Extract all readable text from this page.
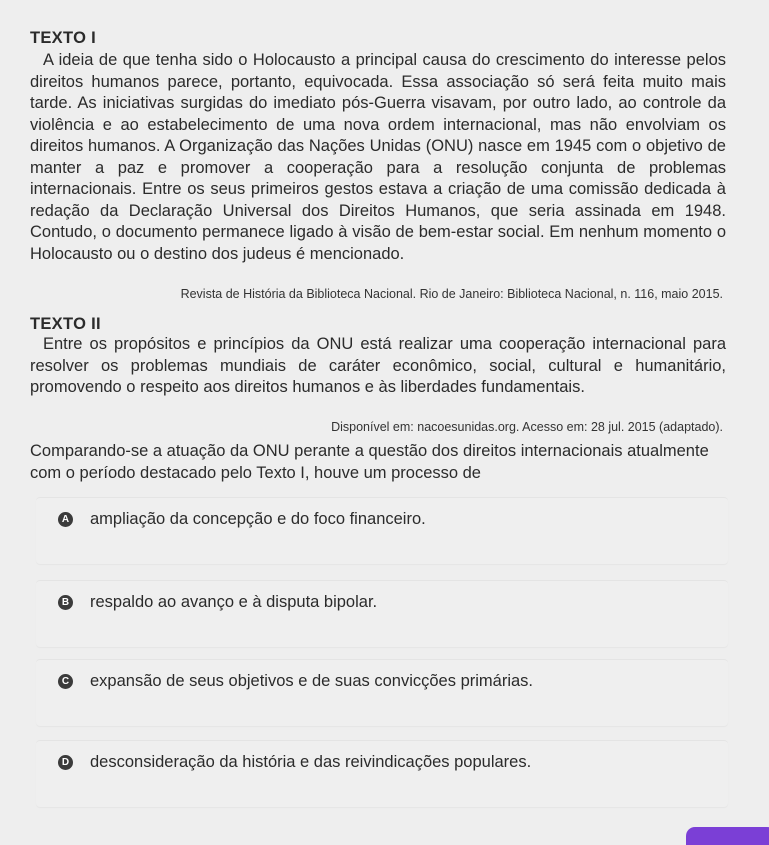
TEXTO I
A ideia de que tenha sido o Holocausto a principal causa do crescimento do interesse pelos direitos humanos parece, portanto, equivocada. Essa associação só será feita muito mais tarde. As iniciativas surgidas do imediato pós-Guerra visavam, por outro lado, ao controle da violência e ao estabelecimento de uma nova ordem internacional, mas não envolviam os direitos humanos. A Organização das Nações Unidas (ONU) nasce em 1945 com o objetivo de manter a paz e promover a cooperação para a resolução conjunta de problemas internacionais. Entre os seus primeiros gestos estava a criação de uma comissão dedicada à redação da Declaração Universal dos Direitos Humanos, que seria assinada em 1948. Contudo, o documento permanece ligado à visão de bem-estar social. Em nenhum momento o Holocausto ou o destino dos judeus é mencionado.
Revista de História da Biblioteca Nacional. Rio de Janeiro: Biblioteca Nacional, n. 116, maio 2015.
TEXTO II
Entre os propósitos e princípios da ONU está realizar uma cooperação internacional para resolver os problemas mundiais de caráter econômico, social, cultural e humanitário, promovendo o respeito aos direitos humanos e às liberdades fundamentais.
Disponível em: nacoesunidas.org. Acesso em: 28 jul. 2015 (adaptado).
Comparando-se a atuação da ONU perante a questão dos direitos internacionais atualmente com o período destacado pelo Texto I, houve um processo de
A ampliação da concepção e do foco financeiro.
B respaldo ao avanço e à disputa bipolar.
C expansão de seus objetivos e de suas convicções primárias.
D desconsideração da história e das reivindicações populares.
